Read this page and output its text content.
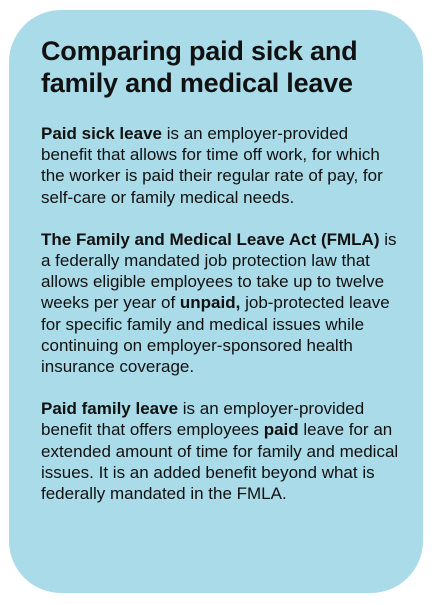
Comparing paid sick and family and medical leave

Paid sick leave is an employer-provided benefit that allows for time off work, for which the worker is paid their regular rate of pay, for self-care or family medical needs.

The Family and Medical Leave Act (FMLA) is a federally mandated job protection law that allows eligible employees to take up to twelve weeks per year of unpaid, job-protected leave for specific family and medical issues while continuing on employer-sponsored health insurance coverage.

Paid family leave is an employer-provided benefit that offers employees paid leave for an extended amount of time for family and medical issues. It is an added benefit beyond what is federally mandated in the FMLA.
